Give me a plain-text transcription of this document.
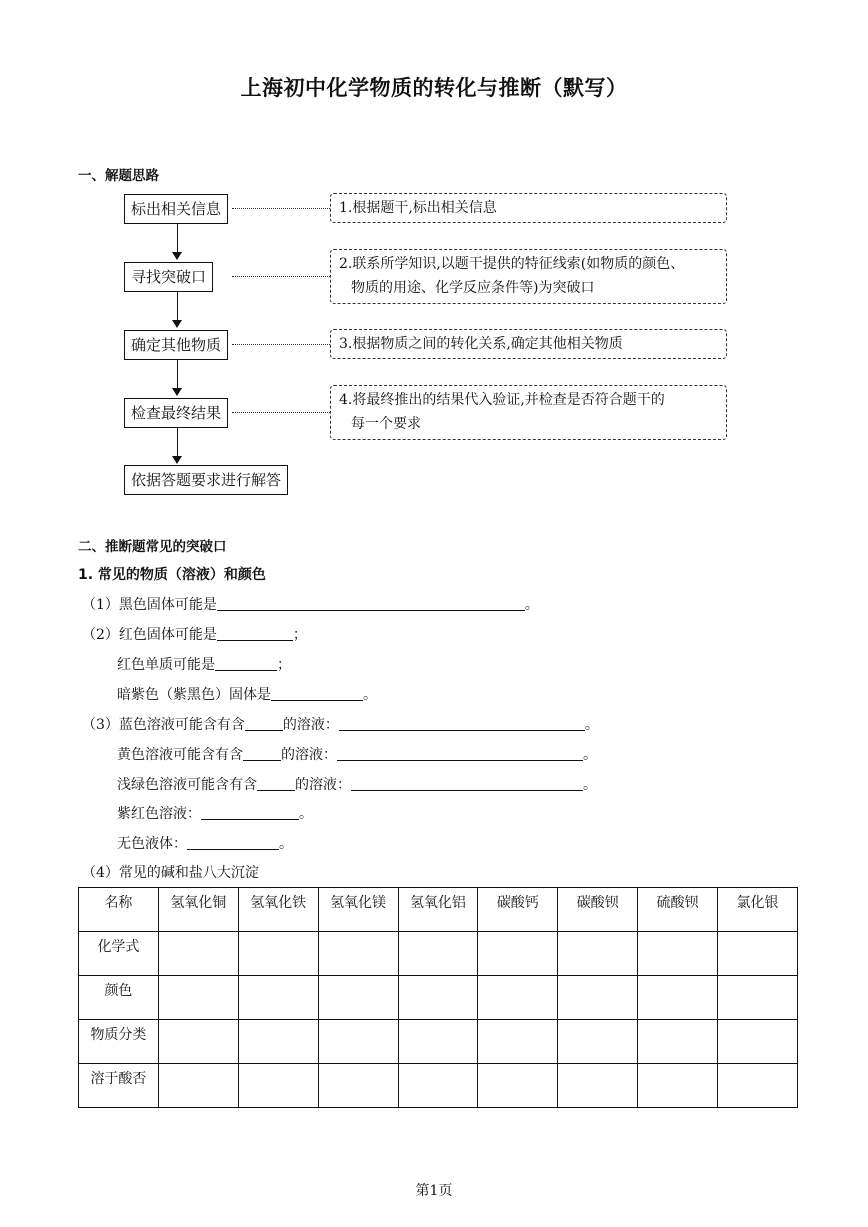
上海初中化学物质的转化与推断（默写）
一、解题思路
标出相关信息
寻找突破口
确定其他物质
检查最终结果
依据答题要求进行解答
1.根据题干,标出相关信息
2.联系所学知识,以题干提供的特征线索(如物质的颜色、
物质的用途、化学反应条件等)为突破口
3.根据物质之间的转化关系,确定其他相关物质
4.将最终推出的结果代入验证,并检查是否符合题干的
每一个要求
二、推断题常见的突破口
1. 常见的物质（溶液）和颜色
（1）黑色固体可能是	。
（2）红色固体可能是	；
红色单质可能是	；
暗紫色（紫黑色）固体是	。
（3）蓝色溶液可能含有含	的溶液：	。
黄色溶液可能含有含	的溶液：	。
浅绿色溶液可能含有含	的溶液：	。
紫红色溶液：	。
无色液体：	。
（4）常见的碱和盐八大沉淀
名称	氢氧化铜	氢氧化铁	氢氧化镁	氢氧化铝	碳酸钙	碳酸钡	硫酸钡	氯化银
化学式								
颜色								
物质分类								
溶于酸否								
第1页
